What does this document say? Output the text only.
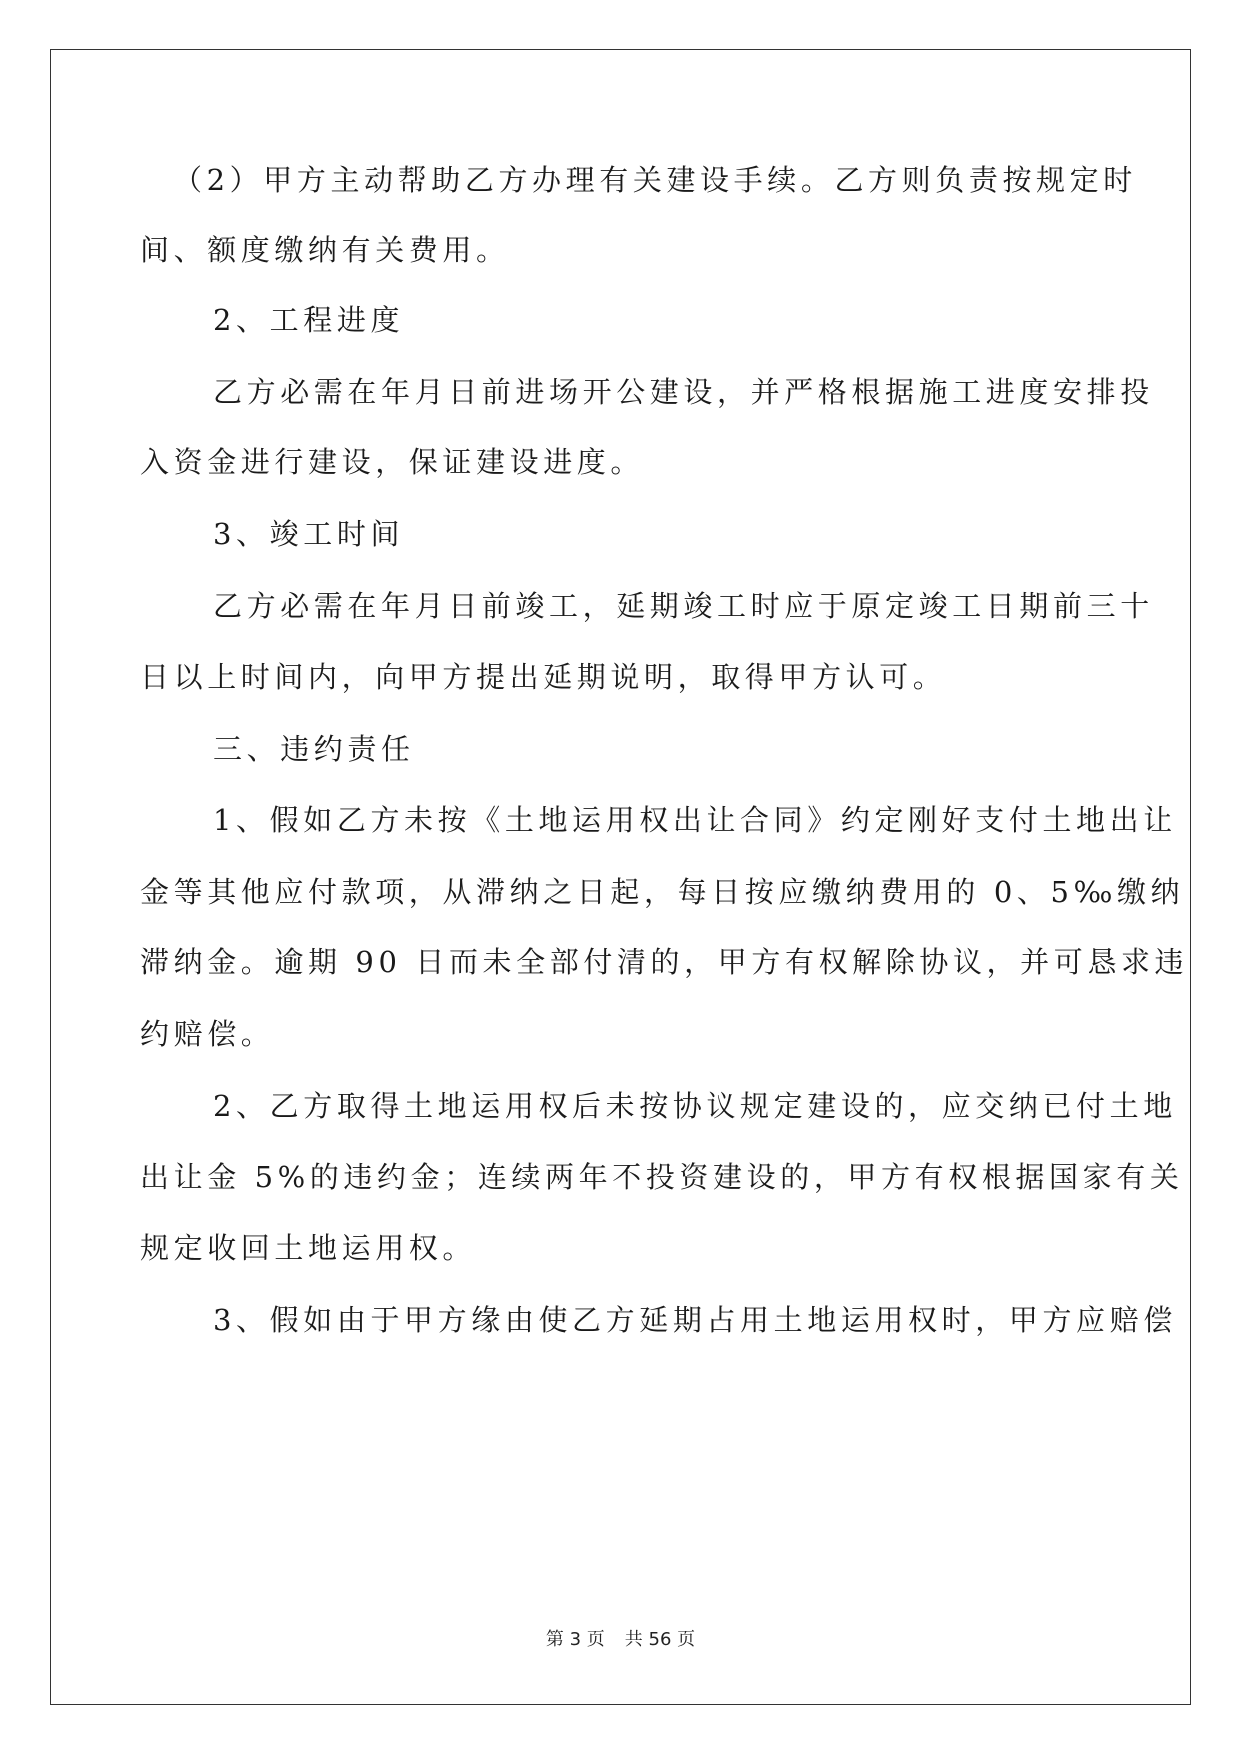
（2）甲方主动帮助乙方办理有关建设手续。乙方则负责按规定时
间、额度缴纳有关费用。
2、工程进度
乙方必需在年月日前进场开公建设，并严格根据施工进度安排投
入资金进行建设，保证建设进度。
3、竣工时间
乙方必需在年月日前竣工，延期竣工时应于原定竣工日期前三十
日以上时间内，向甲方提出延期说明，取得甲方认可。
三、违约责任
1、假如乙方未按《土地运用权出让合同》约定刚好支付土地出让
金等其他应付款项，从滞纳之日起，每日按应缴纳费用的 0、5‰缴纳
滞纳金。逾期 90 日而未全部付清的，甲方有权解除协议，并可恳求违
约赔偿。
2、乙方取得土地运用权后未按协议规定建设的，应交纳已付土地
出让金 5%的违约金；连续两年不投资建设的，甲方有权根据国家有关
规定收回土地运用权。
3、假如由于甲方缘由使乙方延期占用土地运用权时，甲方应赔偿
第 3 页 共 56 页
